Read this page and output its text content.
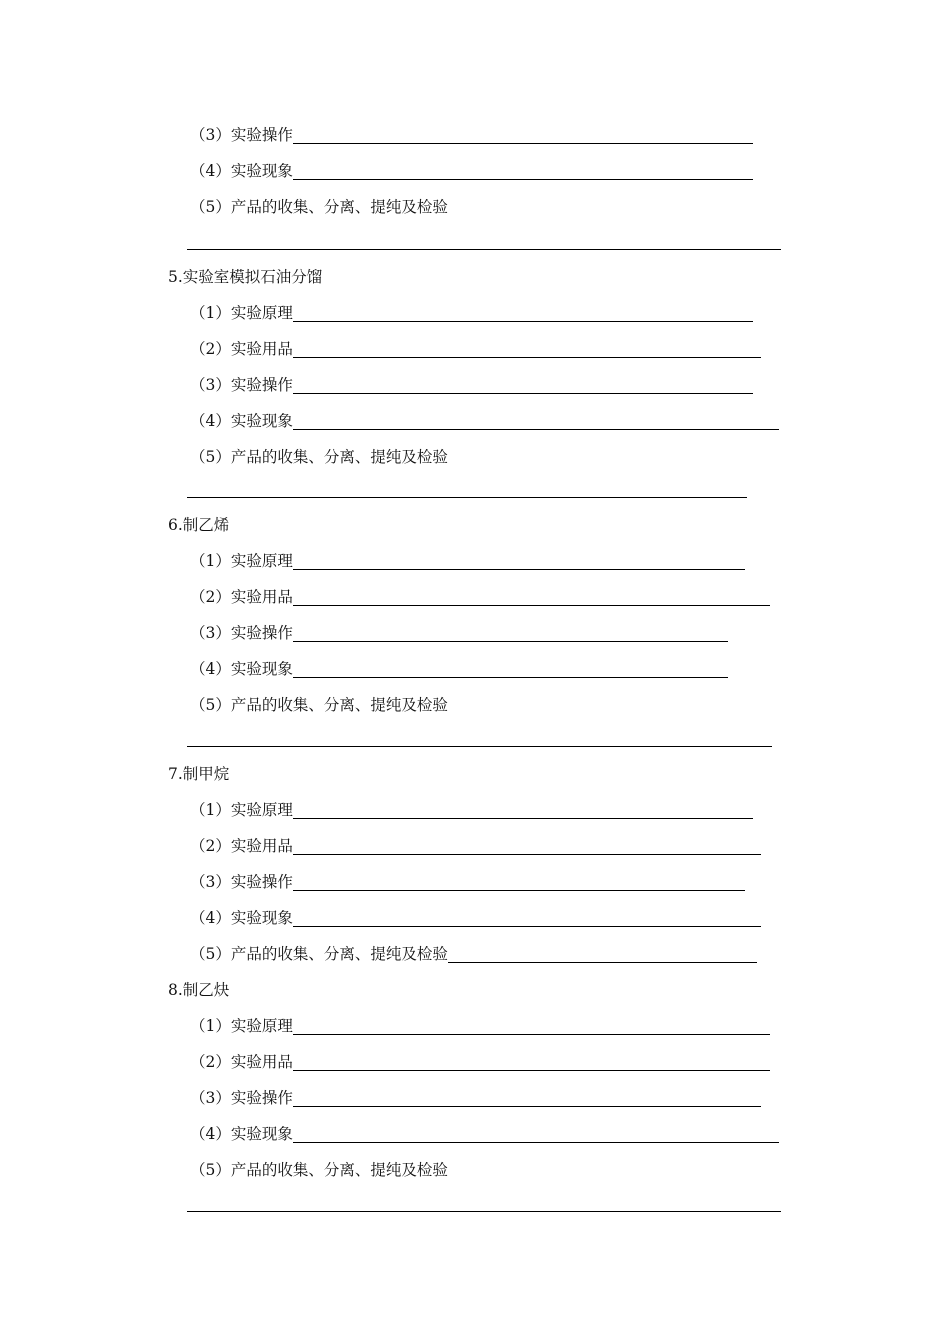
（3）实验操作
（4）实验现象
（5）产品的收集、分离、提纯及检验
5.实验室模拟石油分馏
（1）实验原理
（2）实验用品
（3）实验操作
（4）实验现象
（5）产品的收集、分离、提纯及检验
6.制乙烯
（1）实验原理
（2）实验用品
（3）实验操作
（4）实验现象
（5）产品的收集、分离、提纯及检验
7.制甲烷
（1）实验原理
（2）实验用品
（3）实验操作
（4）实验现象
（5）产品的收集、分离、提纯及检验
8.制乙炔
（1）实验原理
（2）实验用品
（3）实验操作
（4）实验现象
（5）产品的收集、分离、提纯及检验
